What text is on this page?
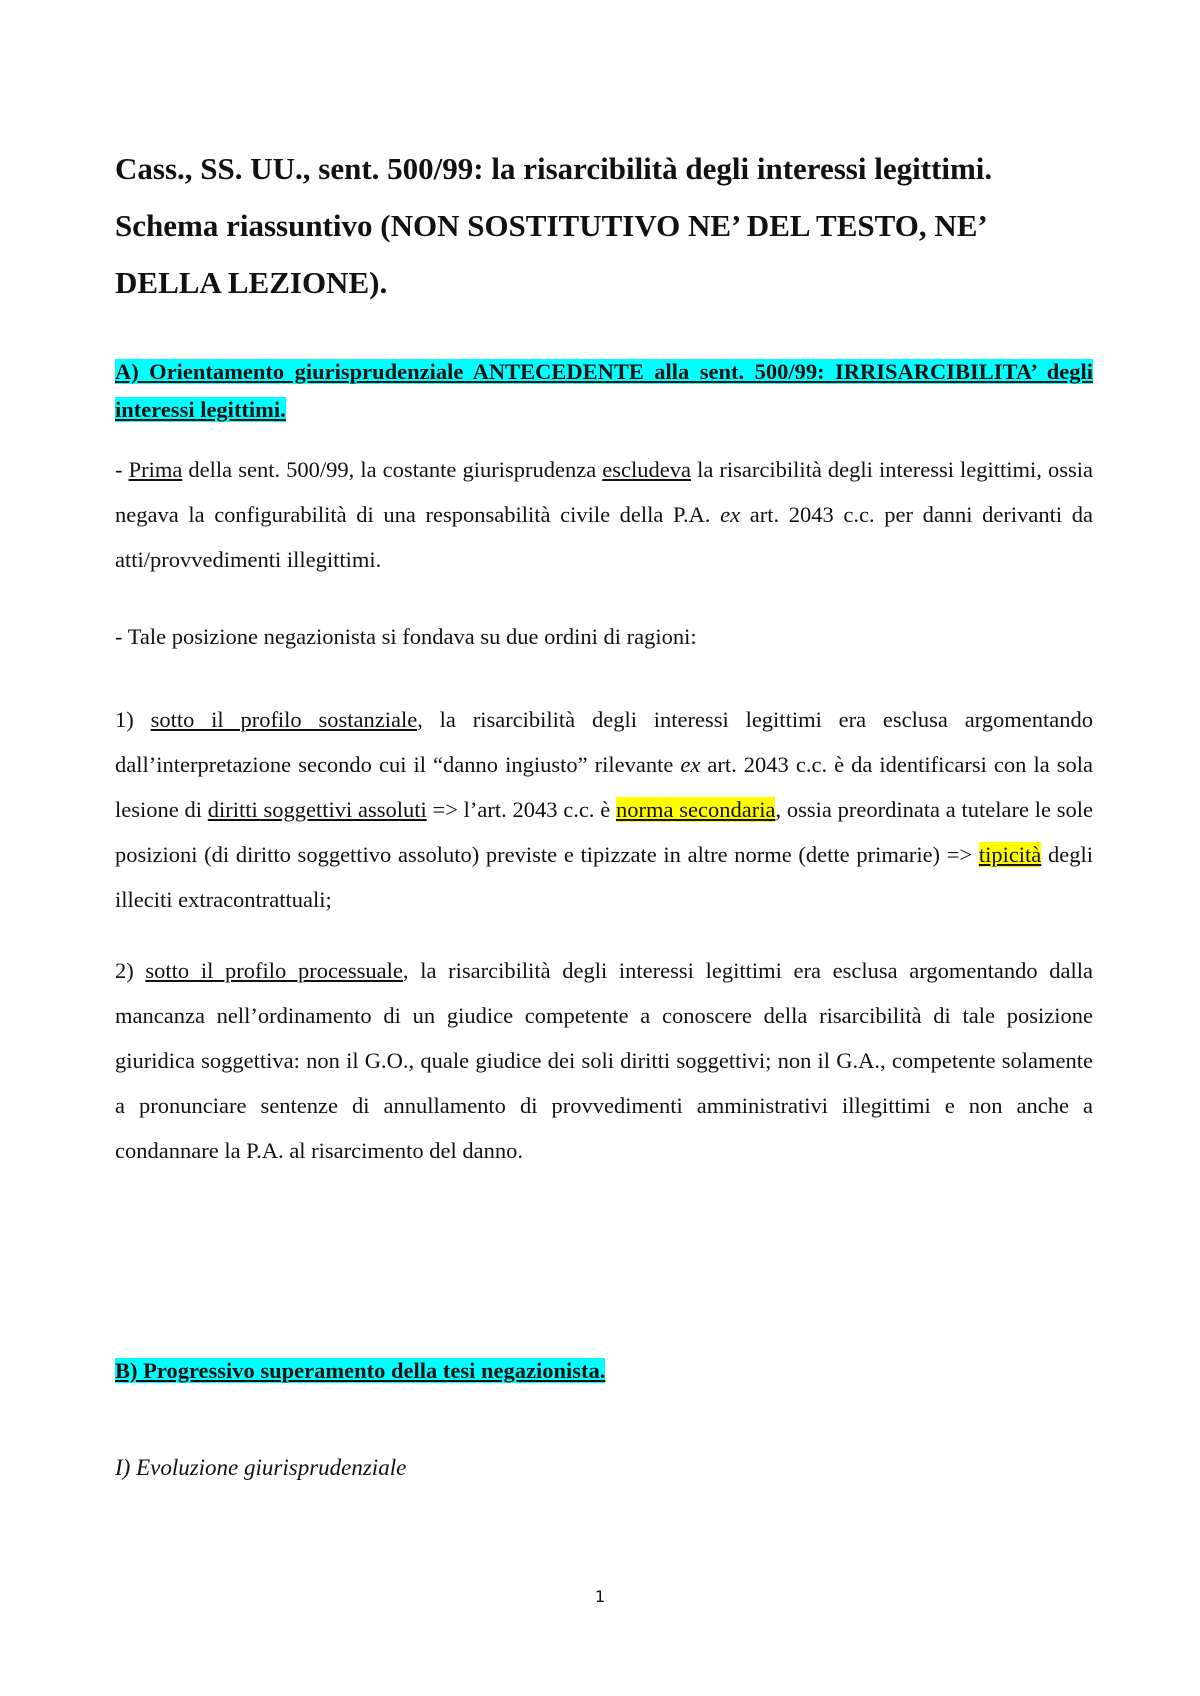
Cass., SS. UU., sent. 500/99: la risarcibilità degli interessi legittimi. Schema riassuntivo (NON SOSTITUTIVO NE’ DEL TESTO, NE’ DELLA LEZIONE).

A) Orientamento giurisprudenziale ANTECEDENTE alla sent. 500/99: IRRISARCIBILITA’ degli interessi legittimi.

- Prima della sent. 500/99, la costante giurisprudenza escludeva la risarcibilità degli interessi legittimi, ossia negava la configurabilità di una responsabilità civile della P.A. ex art. 2043 c.c. per danni derivanti da atti/provvedimenti illegittimi.

- Tale posizione negazionista si fondava su due ordini di ragioni:

1) sotto il profilo sostanziale, la risarcibilità degli interessi legittimi era esclusa argomentando dall’interpretazione secondo cui il “danno ingiusto” rilevante ex art. 2043 c.c. è da identificarsi con la sola lesione di diritti soggettivi assoluti => l’art. 2043 c.c. è norma secondaria, ossia preordinata a tutelare le sole posizioni (di diritto soggettivo assoluto) previste e tipizzate in altre norme (dette primarie) => tipicità degli illeciti extracontrattuali;

2) sotto il profilo processuale, la risarcibilità degli interessi legittimi era esclusa argomentando dalla mancanza nell’ordinamento di un giudice competente a conoscere della risarcibilità di tale posizione giuridica soggettiva: non il G.O., quale giudice dei soli diritti soggettivi; non il G.A., competente solamente a pronunciare sentenze di annullamento di provvedimenti amministrativi illegittimi e non anche a condannare la P.A. al risarcimento del danno.

B) Progressivo superamento della tesi negazionista.

I) Evoluzione giurisprudenziale

1
